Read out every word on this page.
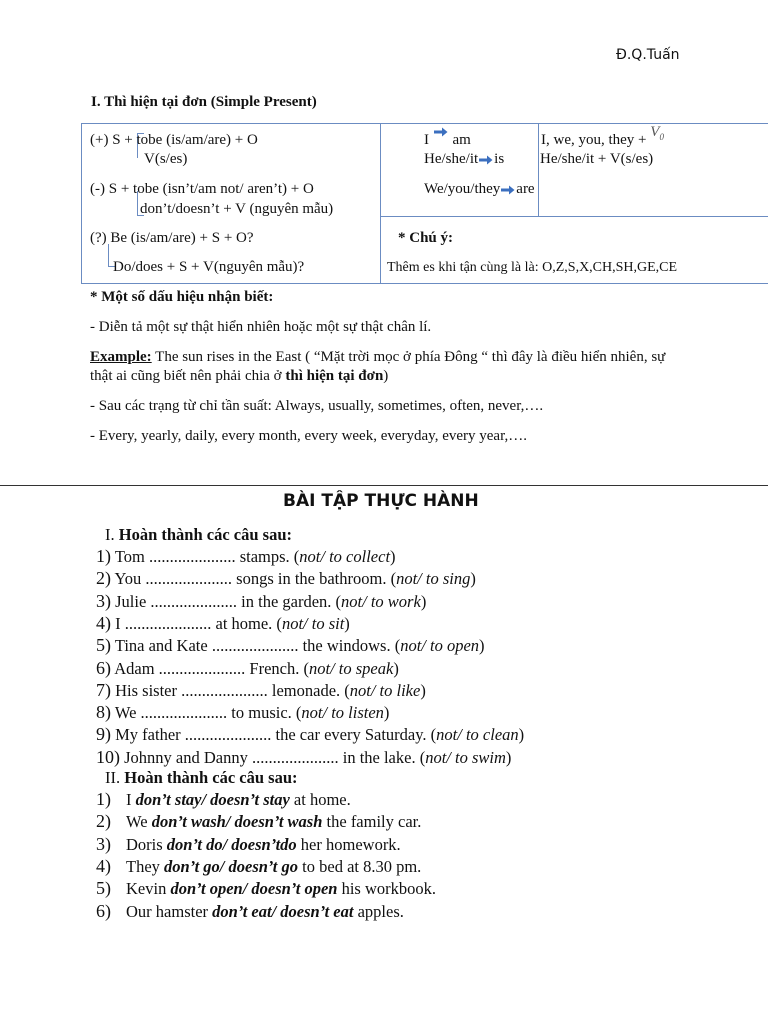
Đ.Q.Tuấn
I. Thì hiện tại đơn (Simple Present)
(+) S + tobe (is/am/are) + O
V(s/es)
(-) S + tobe (isn’t/am not/ aren’t) + O
don’t/doesn’t + V (nguyên mẫu)
(?) Be (is/am/are) + S + O?
Do/does + S + V(nguyên mẫu)?
I am
He/she/it is
We/you/they are
I, we, you, they + $V_0$
He/she/it + V(s/es)
* Chú ý:
Thêm es khi tận cùng là là: O,Z,S,X,CH,SH,GE,CE
* Một số dấu hiệu nhận biết:
- Diễn tả một sự thật hiển nhiên hoặc một sự thật chân lí.
Example: The sun rises in the East ( “Mặt trời mọc ở phía Đông “ thì đây là điều hiển nhiên, sự
thật ai cũng biết nên phải chia ở thì hiện tại đơn)
- Sau các trạng từ chỉ tần suất: Always, usually, sometimes, often, never,….
- Every, yearly, daily, every month, every week, everyday, every year,….
BÀI TẬP THỰC HÀNH
I. Hoàn thành các câu sau:
1) Tom ..................... stamps. (not/ to collect)
2) You ..................... songs in the bathroom. (not/ to sing)
3) Julie ..................... in the garden. (not/ to work)
4) I ..................... at home. (not/ to sit)
5) Tina and Kate ..................... the windows. (not/ to open)
6) Adam ..................... French. (not/ to speak)
7) His sister ..................... lemonade. (not/ to like)
8) We ..................... to music. (not/ to listen)
9) My father ..................... the car every Saturday. (not/ to clean)
10) Johnny and Danny ..................... in the lake. (not/ to swim)
II. Hoàn thành các câu sau:
1) I don’t stay/ doesn’t stay at home.
2) We don’t wash/ doesn’t wash the family car.
3) Doris don’t do/ doesn’tdo her homework.
4) They don’t go/ doesn’t go to bed at 8.30 pm.
5) Kevin don’t open/ doesn’t open his workbook.
6) Our hamster don’t eat/ doesn’t eat apples.
